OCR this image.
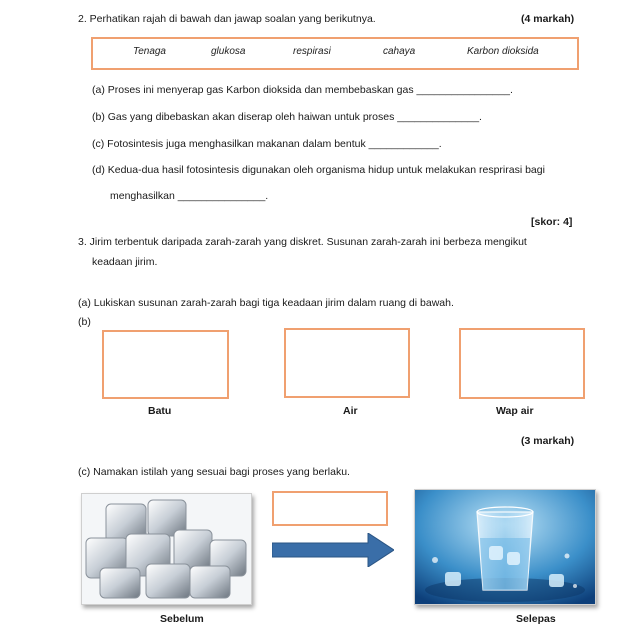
2. Perhatikan rajah di bawah dan jawap soalan yang berikutnya.	(4 markah)
Tenaga	glukosa	respirasi	cahaya	Karbon dioksida
(a) Proses ini menyerap gas Karbon dioksida dan membebaskan gas ________________.
(b) Gas yang dibebaskan akan diserap oleh haiwan untuk proses ______________.
(c) Fotosintesis juga menghasilkan makanan dalam bentuk ____________.
(d) Kedua-dua hasil fotosintesis digunakan oleh organisma hidup untuk melakukan resprirasi bagi
menghasilkan _______________.
[skor: 4]
3. Jirim terbentuk daripada zarah-zarah yang diskret. Susunan zarah-zarah ini berbeza mengikut
keadaan jirim.
(a) Lukiskan susunan zarah-zarah bagi tiga keadaan jirim dalam ruang di bawah.
(b)
Batu	Air	Wap air
(3 markah)
(c) Namakan istilah yang sesuai bagi proses yang berlaku.
Sebelum	Selepas
